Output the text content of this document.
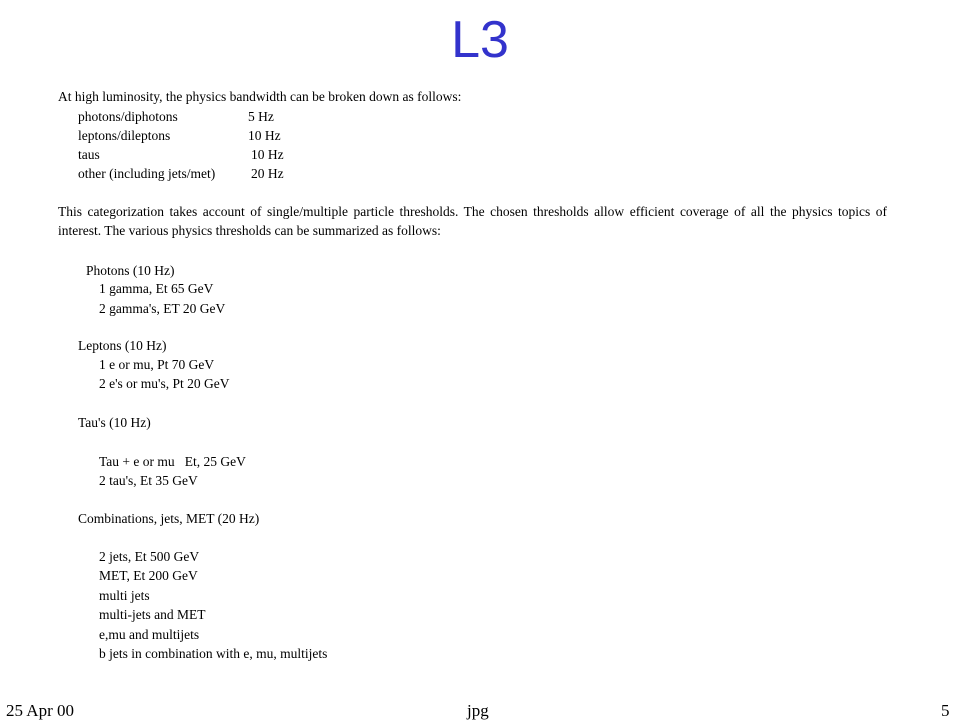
L3
At high luminosity, the physics bandwidth can be broken down as follows:
photons/diphotons	5 Hz
leptons/dileptons	10 Hz
taus	10 Hz
other (including jets/met)	20 Hz
This categorization takes account of single/multiple particle thresholds. The chosen thresholds allow efficient coverage of all the physics topics of interest. The various physics thresholds can be summarized as follows:
Photons (10 Hz)
1 gamma, Et 65 GeV
2 gamma's, ET 20 GeV
Leptons (10 Hz)
1 e or mu, Pt 70 GeV
2 e's or mu's, Pt 20 GeV
Tau's (10 Hz)
Tau + e or mu   Et, 25 GeV
2 tau's, Et 35 GeV
Combinations, jets, MET (20 Hz)
2 jets, Et 500 GeV
MET, Et 200 GeV
multi jets
multi-jets and MET
e,mu and multijets
b jets in combination with e, mu, multijets
25 Apr 00	jpg	5
